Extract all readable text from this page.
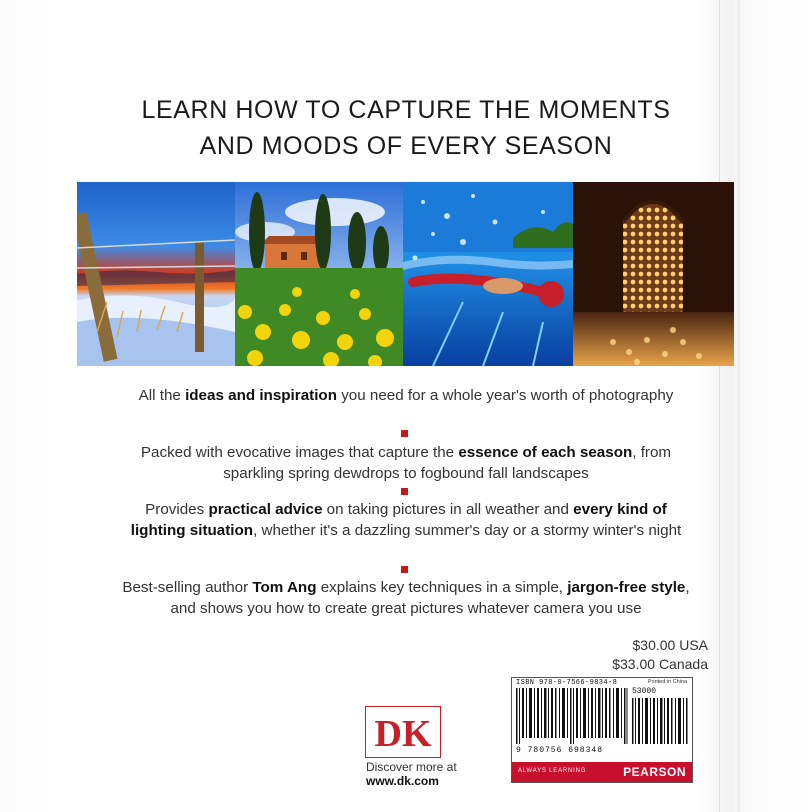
LEARN HOW TO CAPTURE THE MOMENTS
AND MOODS OF EVERY SEASON
All the ideas and inspiration you need for a whole year's worth of photography
Packed with evocative images that capture the essence of each season, from sparkling spring dewdrops to fogbound fall landscapes
Provides practical advice on taking pictures in all weather and every kind of lighting situation, whether it's a dazzling summer's day or a stormy winter's night
Best-selling author Tom Ang explains key techniques in a simple, jargon-free style, and shows you how to create great pictures whatever camera you use
$30.00 USA
$33.00 Canada
DK
Discover more at
www.dk.com
ISBN 978-0-7566-9834-8	Printed in China
53000
9 780756 698348
ALWAYS LEARNING	PEARSON
